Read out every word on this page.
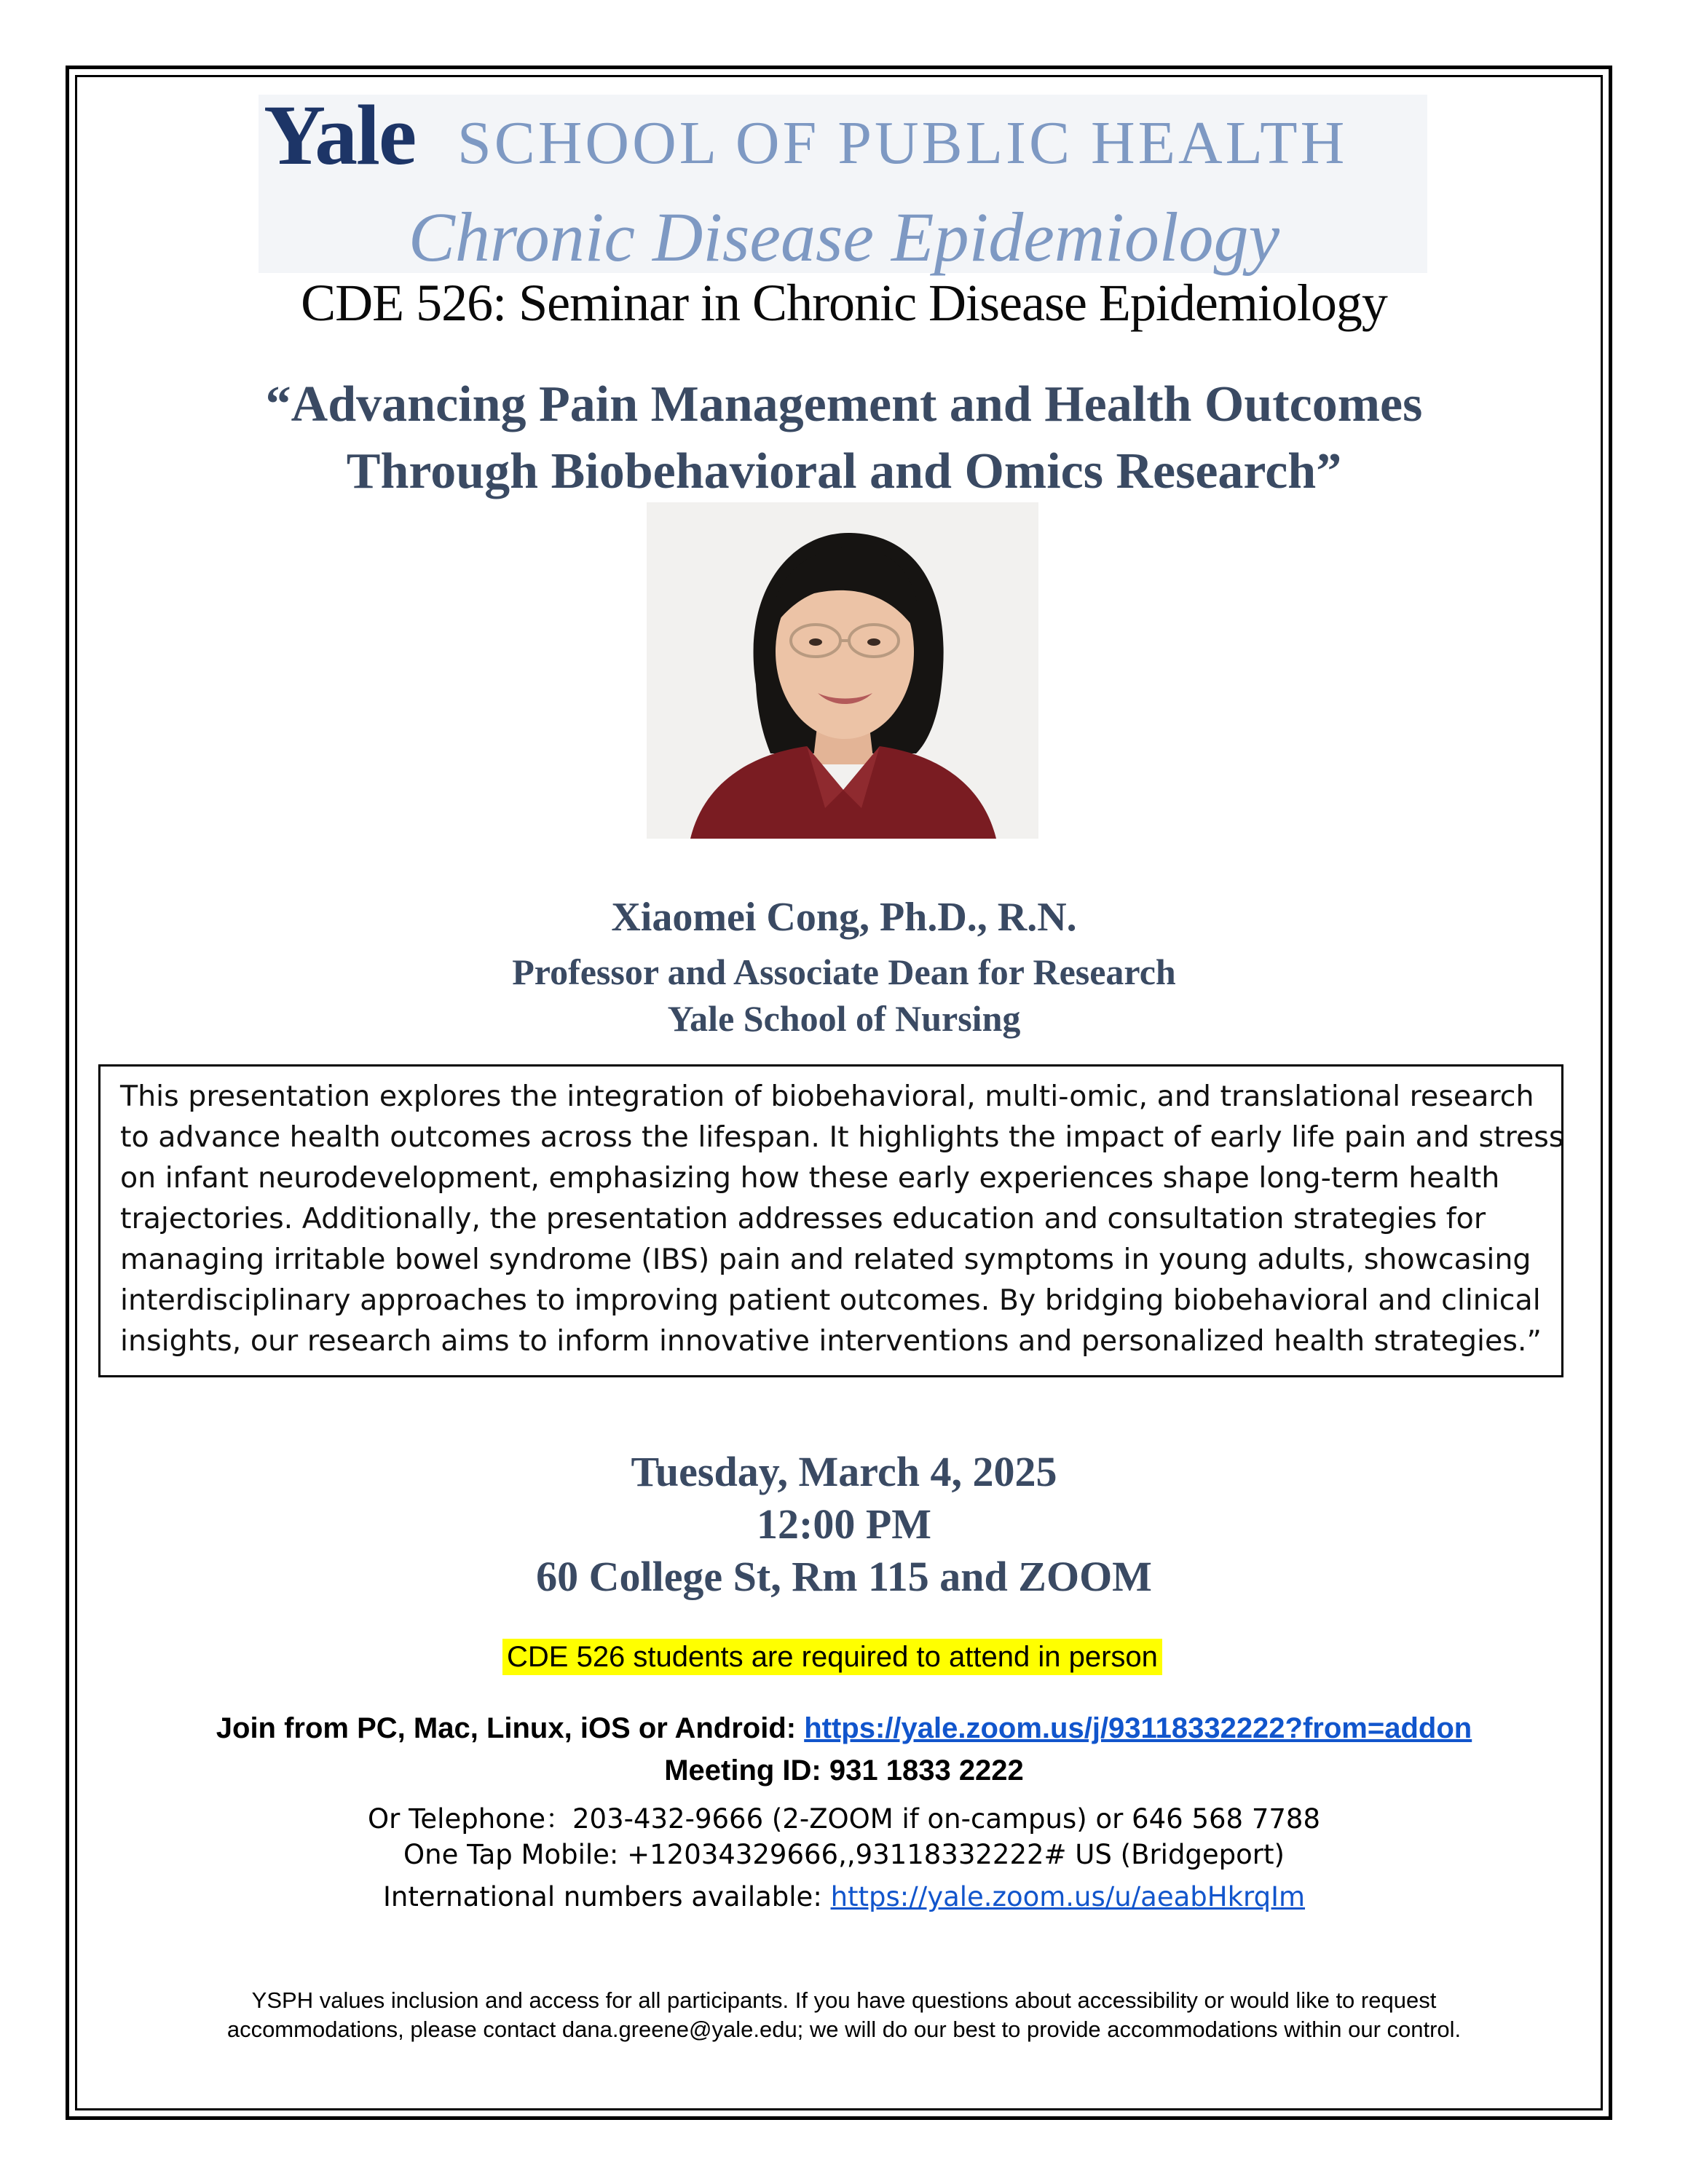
Yale SCHOOL OF PUBLIC HEALTH
Chronic Disease Epidemiology
CDE 526: Seminar in Chronic Disease Epidemiology
“Advancing Pain Management and Health Outcomes
Through Biobehavioral and Omics Research”
Xiaomei Cong, Ph.D., R.N.
Professor and Associate Dean for Research
Yale School of Nursing
This presentation explores the integration of biobehavioral, multi-omic, and translational research
to advance health outcomes across the lifespan. It highlights the impact of early life pain and stress
on infant neurodevelopment, emphasizing how these early experiences shape long-term health
trajectories. Additionally, the presentation addresses education and consultation strategies for
managing irritable bowel syndrome (IBS) pain and related symptoms in young adults, showcasing
interdisciplinary approaches to improving patient outcomes. By bridging biobehavioral and clinical
insights, our research aims to inform innovative interventions and personalized health strategies.”
Tuesday, March 4, 2025
12:00 PM
60 College St, Rm 115 and ZOOM
CDE 526 students are required to attend in person
Join from PC, Mac, Linux, iOS or Android: https://yale.zoom.us/j/93118332222?from=addon
Meeting ID: 931 1833 2222
Or Telephone：203-432-9666 (2-ZOOM if on-campus) or 646 568 7788
One Tap Mobile: +12034329666,,93118332222# US (Bridgeport)
International numbers available: https://yale.zoom.us/u/aeabHkrqIm
YSPH values inclusion and access for all participants. If you have questions about accessibility or would like to request
accommodations, please contact dana.greene@yale.edu; we will do our best to provide accommodations within our control.
